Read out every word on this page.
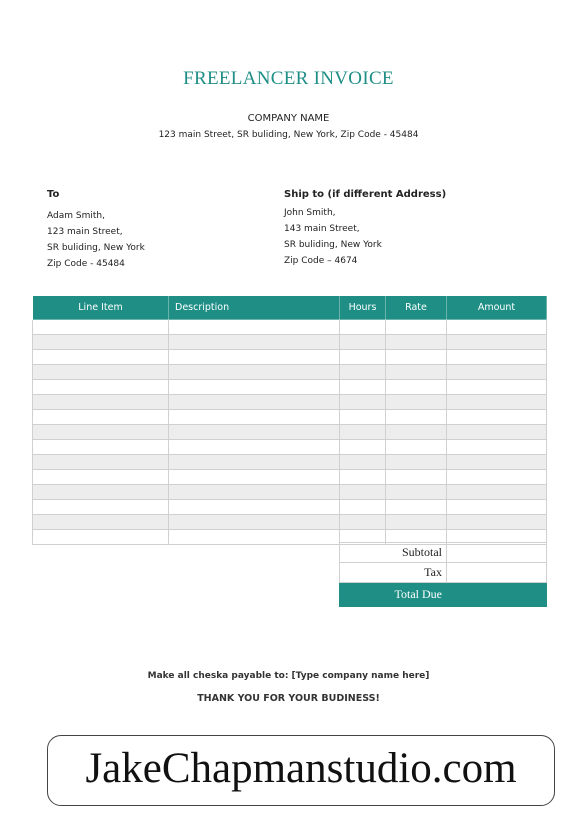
FREELANCER INVOICE
COMPANY NAME
123 main Street, SR buliding, New York, Zip Code - 45484
To
Adam Smith,
123 main Street,
SR buliding, New York
Zip Code - 45484
Ship to (if different Address)
John Smith,
143 main Street,
SR buliding, New York
Zip Code – 4674
Line Item	Description	Hours	Rate	Amount

Subtotal	
Tax	
Total Due	
Make all cheska payable to: [Type company name here]
THANK YOU FOR YOUR BUDINESS!
JakeChapmanstudio.com
